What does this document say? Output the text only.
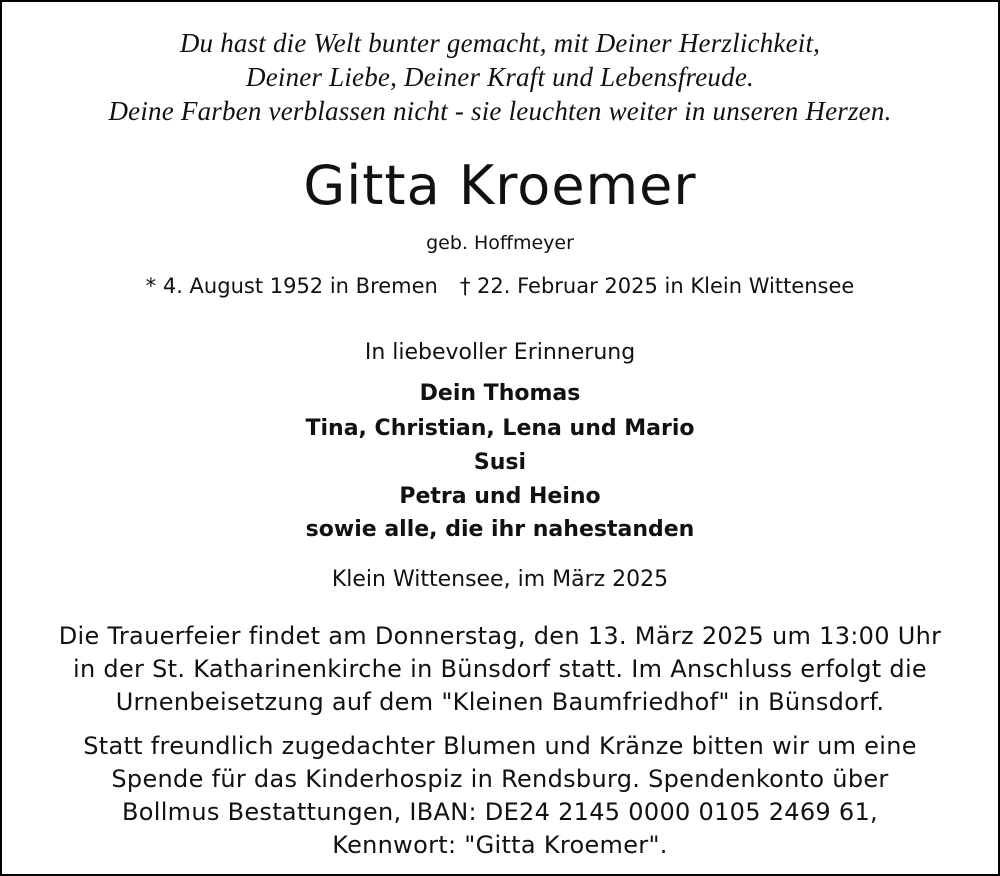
Du hast die Welt bunter gemacht, mit Deiner Herzlichkeit,
Deiner Liebe, Deiner Kraft und Lebensfreude.
Deine Farben verblassen nicht - sie leuchten weiter in unseren Herzen.
Gitta Kroemer
geb. Hoffmeyer
* 4. August 1952 in Bremen † 22. Februar 2025 in Klein Wittensee
In liebevoller Erinnerung
Dein Thomas
Tina, Christian, Lena und Mario
Susi
Petra und Heino
sowie alle, die ihr nahestanden
Klein Wittensee, im März 2025
Die Trauerfeier findet am Donnerstag, den 13. März 2025 um 13:00 Uhr
in der St. Katharinenkirche in Bünsdorf statt. Im Anschluss erfolgt die
Urnenbeisetzung auf dem "Kleinen Baumfriedhof" in Bünsdorf.
Statt freundlich zugedachter Blumen und Kränze bitten wir um eine
Spende für das Kinderhospiz in Rendsburg. Spendenkonto über
Bollmus Bestattungen, IBAN: DE24 2145 0000 0105 2469 61,
Kennwort: "Gitta Kroemer".
